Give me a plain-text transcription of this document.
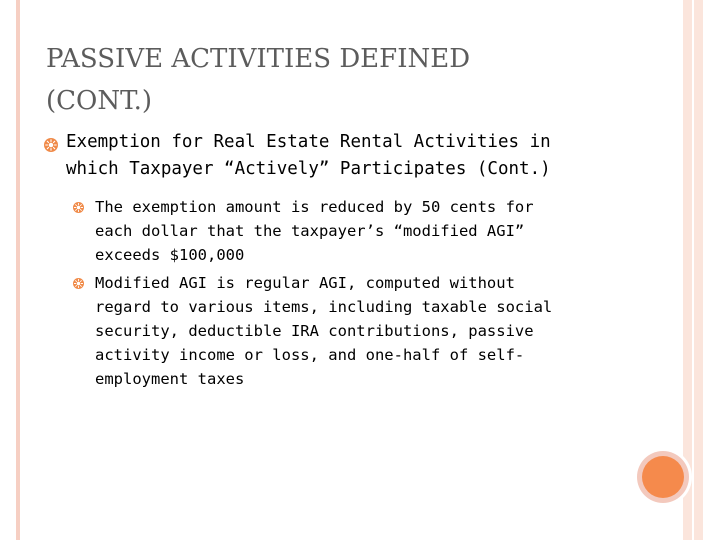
PASSIVE ACTIVITIES DEFINED
(CONT.)
Exemption for Real Estate Rental Activities in
which Taxpayer “Actively” Participates (Cont.)
The exemption amount is reduced by 50 cents for
each dollar that the taxpayer’s “modified AGI”
exceeds $100,000
Modified AGI is regular AGI, computed without
regard to various items, including taxable social
security, deductible IRA contributions, passive
activity income or loss, and one-half of self-
employment taxes
